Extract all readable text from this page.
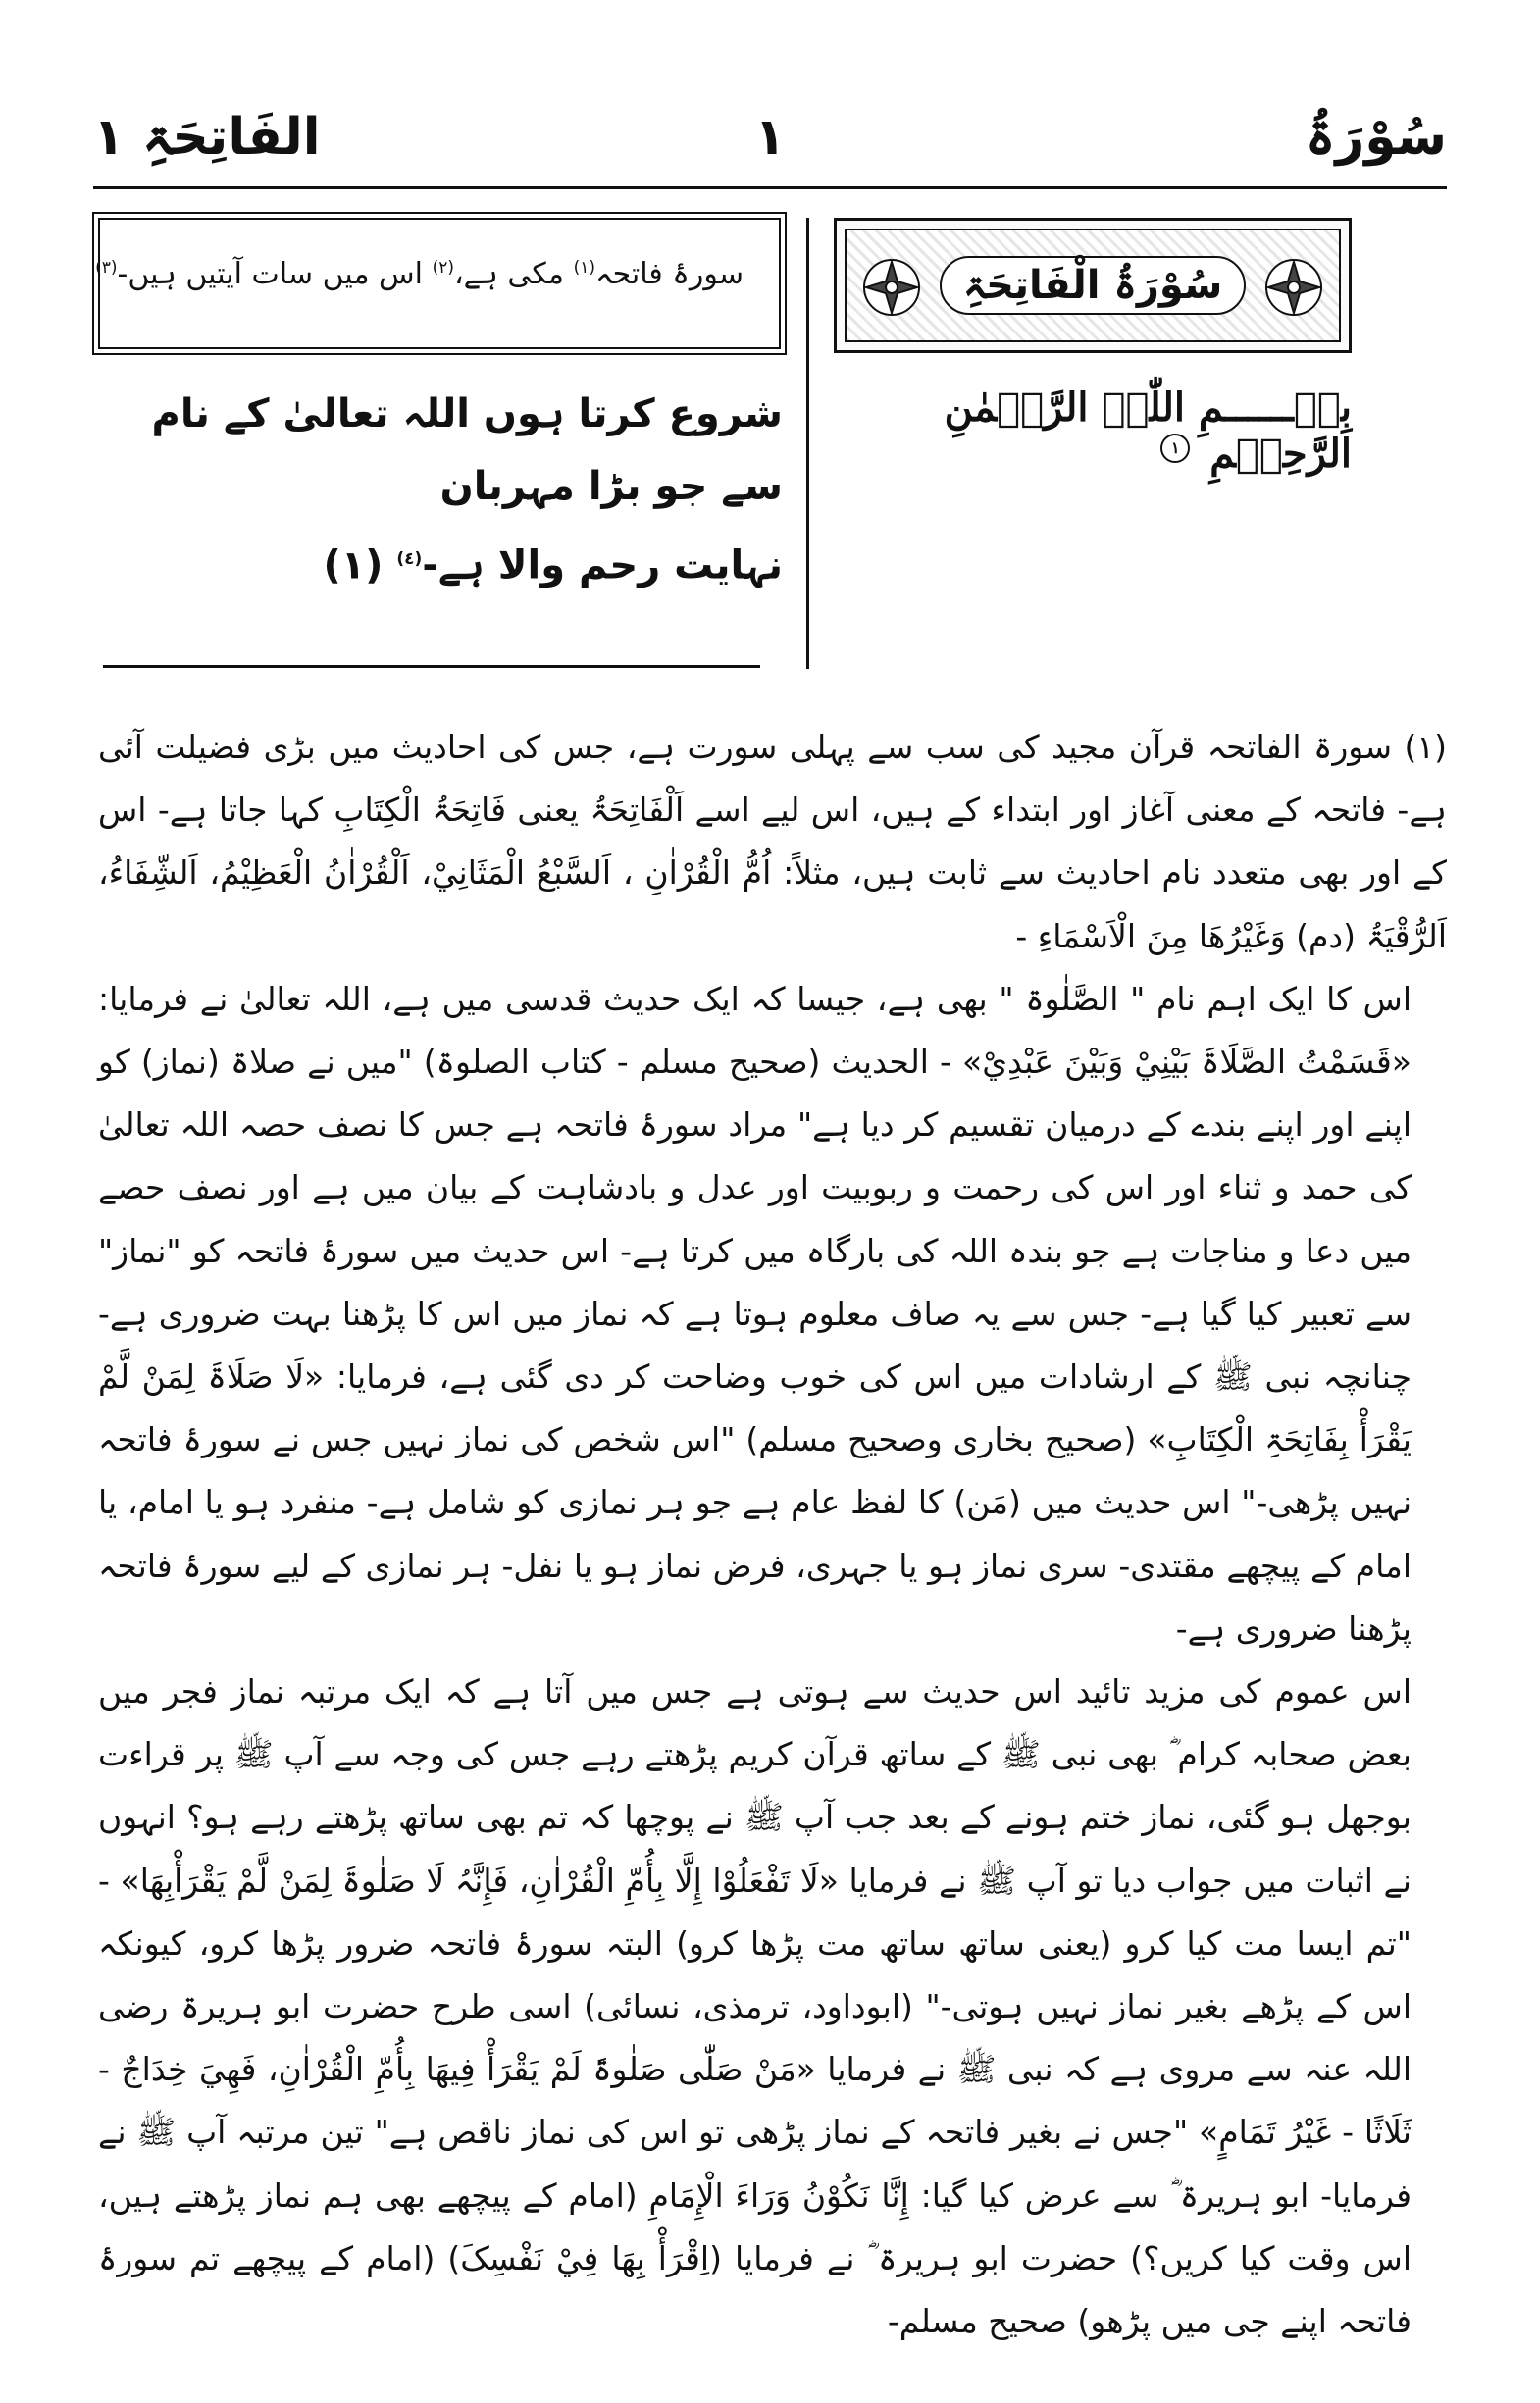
سُوْرَۃُ
١
الفَاتِحَۃِ ١
سُوْرَۃُ الْفَاتِحَۃِ
بِسۡــــــمِ اللّٰہِ الرَّحۡمٰنِ الرَّحِیۡمِ ١
سورۂ فاتحہ$^{(١)}$ مکی ہے،$^{(٢)}$ اس میں سات آیتیں ہیں-$^{(٣)}$
شروع کرتا ہوں اللہ تعالیٰ کے نام سے جو بڑا مہربان
نہایت رحم والا ہے-$^{(٤)}$ (١)

(١) سورۃ الفاتحہ قرآن مجید کی سب سے پہلی سورت ہے، جس کی احادیث میں بڑی فضیلت آئی ہے- فاتحہ کے معنی آغاز اور ابتداء کے ہیں، اس لیے اسے اَلْفَاتِحَۃُ یعنی فَاتِحَۃُ الْکِتَابِ کہا جاتا ہے- اس کے اور بھی متعدد نام احادیث سے ثابت ہیں، مثلاً: اُمُّ الْقُرْاٰنِ ، اَلسَّبْعُ الْمَثَانِيْ، اَلْقُرْاٰنُ الْعَظِیْمُ، اَلشِّفَاءُ، اَلرُّقْیَۃُ (دم) وَغَیْرُھَا مِنَ الْاَسْمَاءِ -

اس کا ایک اہم نام " الصَّلٰوۃ " بھی ہے، جیسا کہ ایک حدیث قدسی میں ہے، اللہ تعالیٰ نے فرمایا: «قَسَمْتُ الصَّلَاۃَ بَیْنِيْ وَبَیْنَ عَبْدِيْ» - الحدیث (صحیح مسلم - کتاب الصلوۃ) "میں نے صلاۃ (نماز) کو اپنے اور اپنے بندے کے درمیان تقسیم کر دیا ہے" مراد سورۂ فاتحہ ہے جس کا نصف حصہ اللہ تعالیٰ کی حمد و ثناء اور اس کی رحمت و ربوبیت اور عدل و بادشاہت کے بیان میں ہے اور نصف حصے میں دعا و مناجات ہے جو بندہ اللہ کی بارگاہ میں کرتا ہے- اس حدیث میں سورۂ فاتحہ کو "نماز" سے تعبیر کیا گیا ہے- جس سے یہ صاف معلوم ہوتا ہے کہ نماز میں اس کا پڑھنا بہت ضروری ہے- چنانچہ نبی ﷺ کے ارشادات میں اس کی خوب وضاحت کر دی گئی ہے، فرمایا: «لَا صَلَاۃَ لِمَنْ لَّمْ یَقْرَأْ بِفَاتِحَۃِ الْکِتَابِ» (صحیح بخاری وصحیح مسلم) "اس شخص کی نماز نہیں جس نے سورۂ فاتحہ نہیں پڑھی-" اس حدیث میں (مَن) کا لفظ عام ہے جو ہر نمازی کو شامل ہے- منفرد ہو یا امام، یا امام کے پیچھے مقتدی- سری نماز ہو یا جہری، فرض نماز ہو یا نفل- ہر نمازی کے لیے سورۂ فاتحہ پڑھنا ضروری ہے-

اس عموم کی مزید تائید اس حدیث سے ہوتی ہے جس میں آتا ہے کہ ایک مرتبہ نماز فجر میں بعض صحابہ کرام ؓ بھی نبی ﷺ کے ساتھ قرآن کریم پڑھتے رہے جس کی وجہ سے آپ ﷺ پر قراءت بوجھل ہو گئی، نماز ختم ہونے کے بعد جب آپ ﷺ نے پوچھا کہ تم بھی ساتھ پڑھتے رہے ہو؟ انہوں نے اثبات میں جواب دیا تو آپ ﷺ نے فرمایا «لَا تَفْعَلُوْا إِلَّا بِأُمِّ الْقُرْاٰنِ، فَإِنَّہُ لَا صَلٰوۃَ لِمَنْ لَّمْ یَقْرَأْبِھَا» - "تم ایسا مت کیا کرو (یعنی ساتھ ساتھ مت پڑھا کرو) البتہ سورۂ فاتحہ ضرور پڑھا کرو، کیونکہ اس کے پڑھے بغیر نماز نہیں ہوتی-" (ابوداود، ترمذی، نسائی) اسی طرح حضرت ابو ہریرۃ رضی اللہ عنہ سے مروی ہے کہ نبی ﷺ نے فرمایا «مَنْ صَلّٰی صَلٰوۃً لَمْ یَقْرَأْ فِیھَا بِأُمِّ الْقُرْاٰنِ، فَھِيَ خِدَاجٌ - ثَلَاثًا - غَیْرُ تَمَامٍ» "جس نے بغیر فاتحہ کے نماز پڑھی تو اس کی نماز ناقص ہے" تین مرتبہ آپ ﷺ نے فرمایا- ابو ہریرۃ ؓ سے عرض کیا گیا: إِنَّا نَکُوْنُ وَرَاءَ الْإِمَامِ (امام کے پیچھے بھی ہم نماز پڑھتے ہیں، اس وقت کیا کریں؟) حضرت ابو ہریرۃ ؓ نے فرمایا (اِقْرَأْ بِھَا فِيْ نَفْسِکَ) (امام کے پیچھے تم سورۂ فاتحہ اپنے جی میں پڑھو) صحیح مسلم-
